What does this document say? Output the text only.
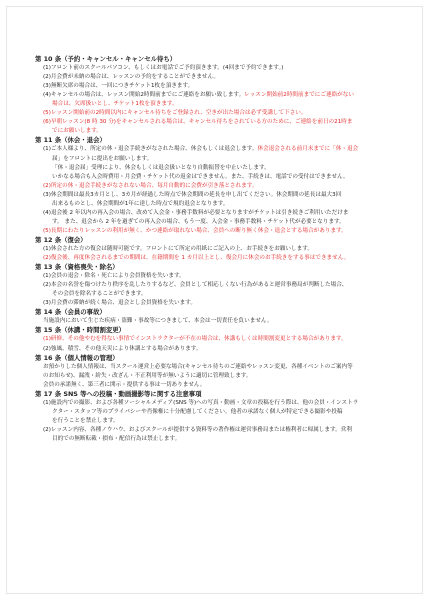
第 10 条（予約・キャンセル・キャンセル待ち）
(1)フロント前のスクールパソコン、もしくはお電話でご予約頂きます。(4回まで予約できます。)
(2)月会費が未納の場合は、レッスンの予約をすることができません。
(3)無断欠席の場合は、一回につきチケット1枚を頂きます。
(4)キャンセルの場合は、レッスン開始2時間前までにご連絡をお願い致します。レッスン開始前2時間前までにご連絡がない
場合は、欠席扱いとし、チケット1枚を頂きます。
(5)レッスン開始前の2時間以内にキャンセル待ちをご登録され、空きが出た場合は必ず受講して下さい。
(6)早朝レッスン(8 時 30 分)をキャンセルされる場合は、キャンセル待ちをされている方のために、ご連絡を前日の21時ま
でにお願いします。
第 11 条（休会・退会）
(1)ご本人様より、所定の休・退会手続きがなされた場合、休会もしくは退会します。休会退会される前月末までに「休・退会
届」をフロントに提出をお願いします。
「休・退会届」受理により、休会もしくは退会扱いとなり自動振替を中止いたします。
いかなる場合も入会時費用・月会費・チケット代の返金はできません。また、手続きは、電話での受付はできません。
(2)所定の休・退会手続きがなされない場合、毎月自動的に会費が引き落とされます。
(3)休会期間は最長3カ月とし、3カ月が経過した時点で休会期間の延長を申し出てください。休会期間の延長は最大3回
出来るものとし、休会期間が1年に達した時点で規約退会となります。
(4)退会後 2 年以内の再入会の場合、改めて入会金・事務手数料が必要となりますがチケットは引き続きご利用いただけま
す。 また、退会から 2 年を過ぎての再入会の場合、もう一度、入会金・事務手数料・チケット代が必要となります。
(5)長期にわたりレッスンの利用が無く、かつ連絡が取れない場合、会員への断り無く休会・退会とする場合があります。
第 12 条（復会）
(1)休会された方の復会は随時可能です。フロントにて所定の用紙にご記入の上、お手続きをお願いします。
(2)復会後、再度休会されるまでの期間は、在籍期間を 1 カ月以上とし、復会月に休会のお手続きをする事はできません。
第 13 条（資格喪失・除名）
(1)会員の退会・除名・死亡により会員資格を失います。
(2)本会の名誉を傷つけたり秩序を乱したりするなど、会員として相応しくない行為があると運営事務局が判断した場合、
その会員を除名することができます。
(3)月会費の滞納が続く場合、退会とし会員資格を失います。
第 14 条（会員の事故）
当施設内において生じた疾病・盗難・事故等につきまして、本会は一切責任を負いません。
第 15 条（休講・時間割変更）
(1)研修、その他やむを得ない事情でインストラクターが不在の場合は、休講もしくは時間割変更とする場合があります。
(2)強風、積雪、その他天災により休講とする場合があります。
第 16 条（個人情報の管理）
お預かりした個人情報は、当スクール運営上必要な場合(キャンセル待ちのご連絡やレッスン変更、各種イベントのご案内等
のお知らせ)、漏洩・紛失・改ざん・不正利用等が無いように適切に管理致します。
会員の承諾無く、第三者に開示・提供する事は一切ありません。
第 17 条 SNS 等への投稿・動画撮影等に関する注意事項
(1)施設内での撮影、および各種ソーシャルメディア(SNS 等)への写真・動画・文章の投稿を行う際は、他の会員・インストラ
クター・スタッフ等のプライバシーや肖像権に十分配慮してください。他者の承諾なく個人が特定できる撮影や投稿
を行うことを禁止します。
(2)レッスン内容、各種ノウハウ、およびスクールが提供する資料等の著作権は運営事務局または権利者に帰属します。営利
目的での無断転載・損布・配信行為は禁止します。
